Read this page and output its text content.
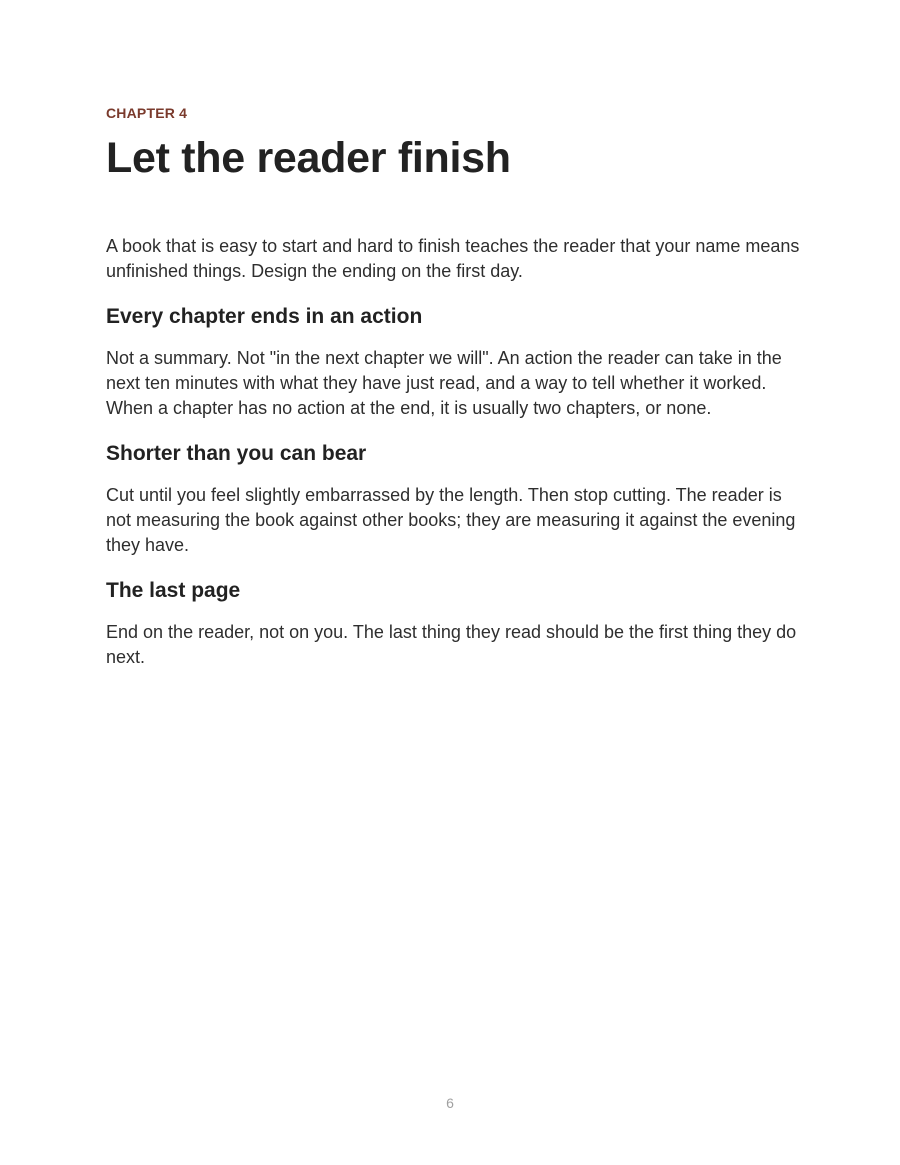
CHAPTER 4

Let the reader finish

A book that is easy to start and hard to finish teaches the reader that your name means unfinished things. Design the ending on the first day.

Every chapter ends in an action

Not a summary. Not "in the next chapter we will". An action the reader can take in the next ten minutes with what they have just read, and a way to tell whether it worked. When a chapter has no action at the end, it is usually two chapters, or none.

Shorter than you can bear

Cut until you feel slightly embarrassed by the length. Then stop cutting. The reader is not measuring the book against other books; they are measuring it against the evening they have.

The last page

End on the reader, not on you. The last thing they read should be the first thing they do next.

6
